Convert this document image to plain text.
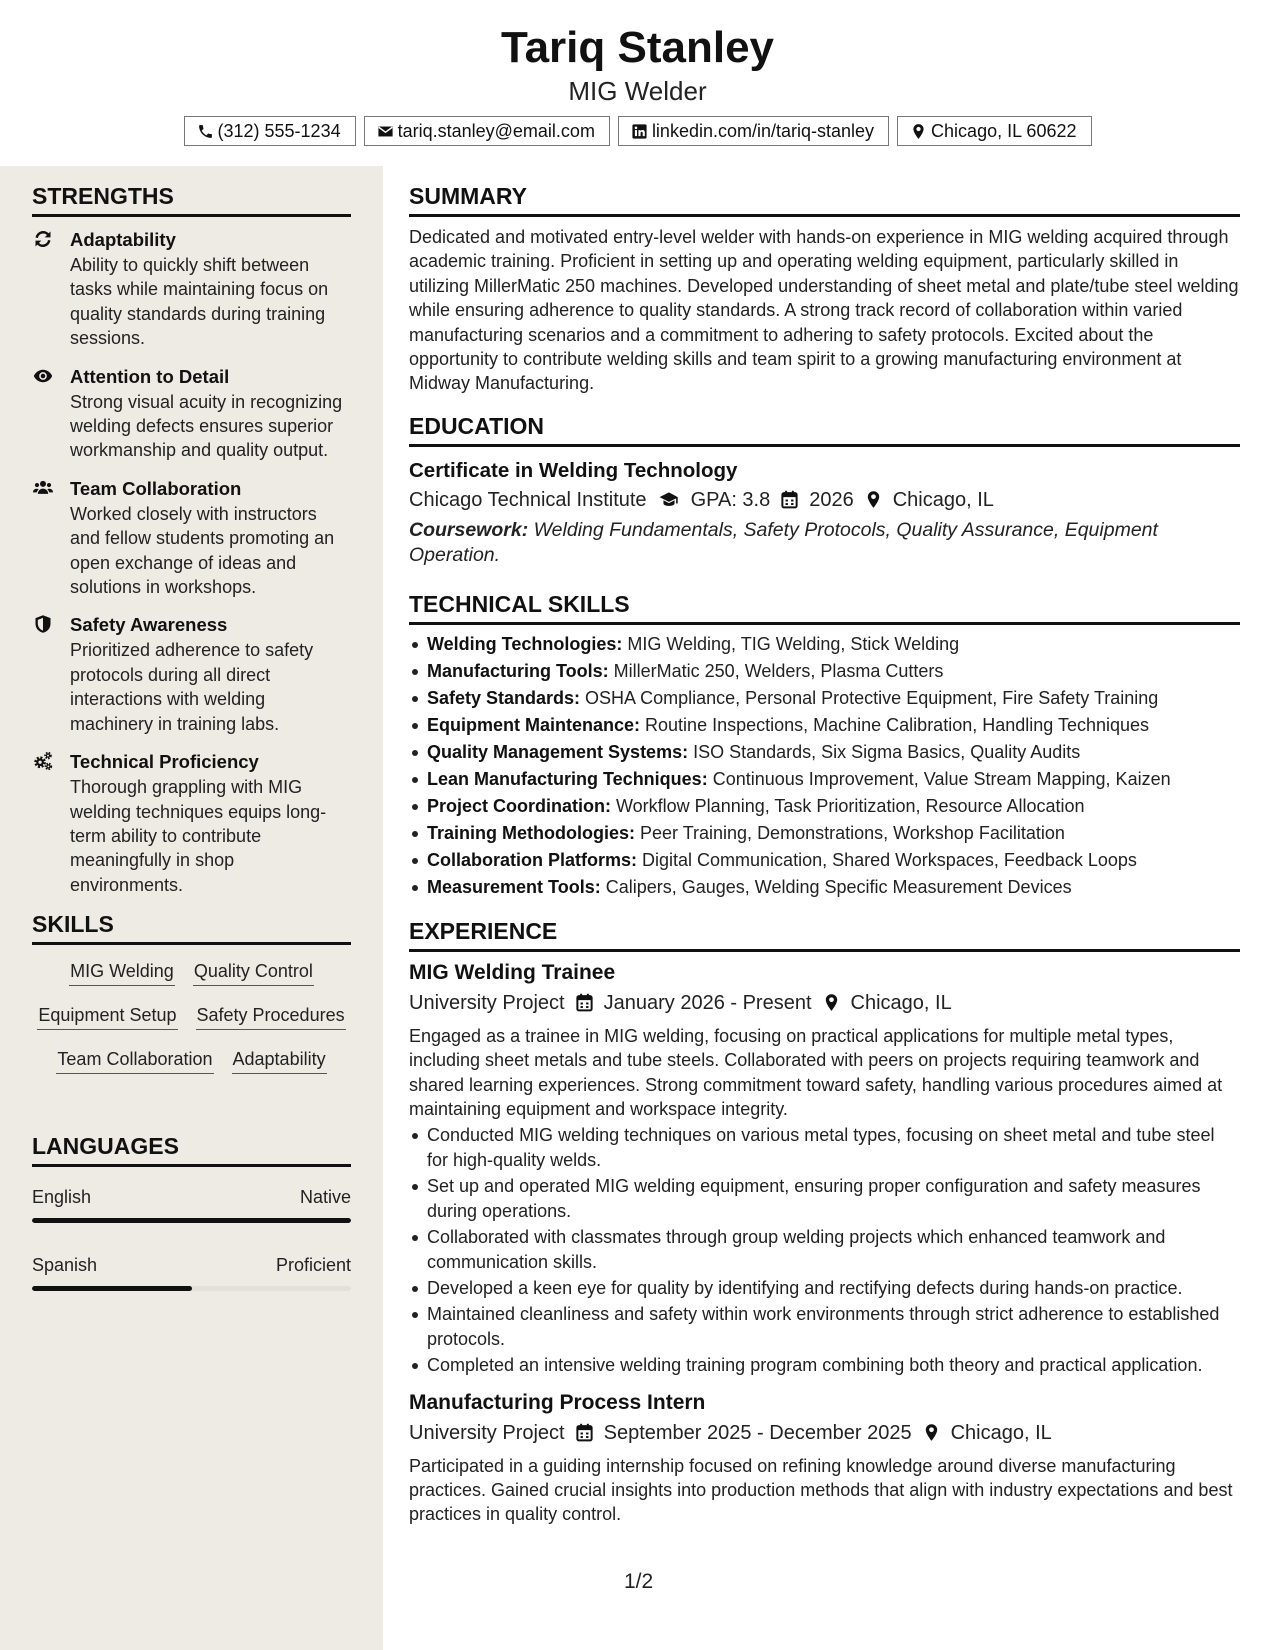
Tariq Stanley
MIG Welder
(312) 555-1234	tariq.stanley@email.com	linkedin.com/in/tariq-stanley	Chicago, IL 60622
STRENGTHS
Adaptability
Ability to quickly shift between tasks while maintaining focus on quality standards during training sessions.
Attention to Detail
Strong visual acuity in recognizing welding defects ensures superior workmanship and quality output.
Team Collaboration
Worked closely with instructors and fellow students promoting an open exchange of ideas and solutions in workshops.
Safety Awareness
Prioritized adherence to safety protocols during all direct interactions with welding machinery in training labs.
Technical Proficiency
Thorough grappling with MIG welding techniques equips long-term ability to contribute meaningfully in shop environments.
SKILLS
MIG Welding Quality Control
Equipment Setup Safety Procedures
Team Collaboration Adaptability
LANGUAGES
English	Native
Spanish	Proficient
SUMMARY
Dedicated and motivated entry-level welder with hands-on experience in MIG welding acquired through academic training. Proficient in setting up and operating welding equipment, particularly skilled in utilizing MillerMatic 250 machines. Developed understanding of sheet metal and plate/tube steel welding while ensuring adherence to quality standards. A strong track record of collaboration within varied manufacturing scenarios and a commitment to adhering to safety protocols. Excited about the opportunity to contribute welding skills and team spirit to a growing manufacturing environment at Midway Manufacturing.
EDUCATION
Certificate in Welding Technology
Chicago Technical Institute GPA: 3.8 2026 Chicago, IL
Coursework: Welding Fundamentals, Safety Protocols, Quality Assurance, Equipment Operation.
TECHNICAL SKILLS
Welding Technologies: MIG Welding, TIG Welding, Stick Welding
Manufacturing Tools: MillerMatic 250, Welders, Plasma Cutters
Safety Standards: OSHA Compliance, Personal Protective Equipment, Fire Safety Training
Equipment Maintenance: Routine Inspections, Machine Calibration, Handling Techniques
Quality Management Systems: ISO Standards, Six Sigma Basics, Quality Audits
Lean Manufacturing Techniques: Continuous Improvement, Value Stream Mapping, Kaizen
Project Coordination: Workflow Planning, Task Prioritization, Resource Allocation
Training Methodologies: Peer Training, Demonstrations, Workshop Facilitation
Collaboration Platforms: Digital Communication, Shared Workspaces, Feedback Loops
Measurement Tools: Calipers, Gauges, Welding Specific Measurement Devices
EXPERIENCE
MIG Welding Trainee
University Project January 2026 - Present Chicago, IL
Engaged as a trainee in MIG welding, focusing on practical applications for multiple metal types, including sheet metals and tube steels. Collaborated with peers on projects requiring teamwork and shared learning experiences. Strong commitment toward safety, handling various procedures aimed at maintaining equipment and workspace integrity.
Conducted MIG welding techniques on various metal types, focusing on sheet metal and tube steel for high-quality welds.
Set up and operated MIG welding equipment, ensuring proper configuration and safety measures during operations.
Collaborated with classmates through group welding projects which enhanced teamwork and communication skills.
Developed a keen eye for quality by identifying and rectifying defects during hands-on practice.
Maintained cleanliness and safety within work environments through strict adherence to established protocols.
Completed an intensive welding training program combining both theory and practical application.
Manufacturing Process Intern
University Project September 2025 - December 2025 Chicago, IL
Participated in a guiding internship focused on refining knowledge around diverse manufacturing practices. Gained crucial insights into production methods that align with industry expectations and best practices in quality control.
1/2
